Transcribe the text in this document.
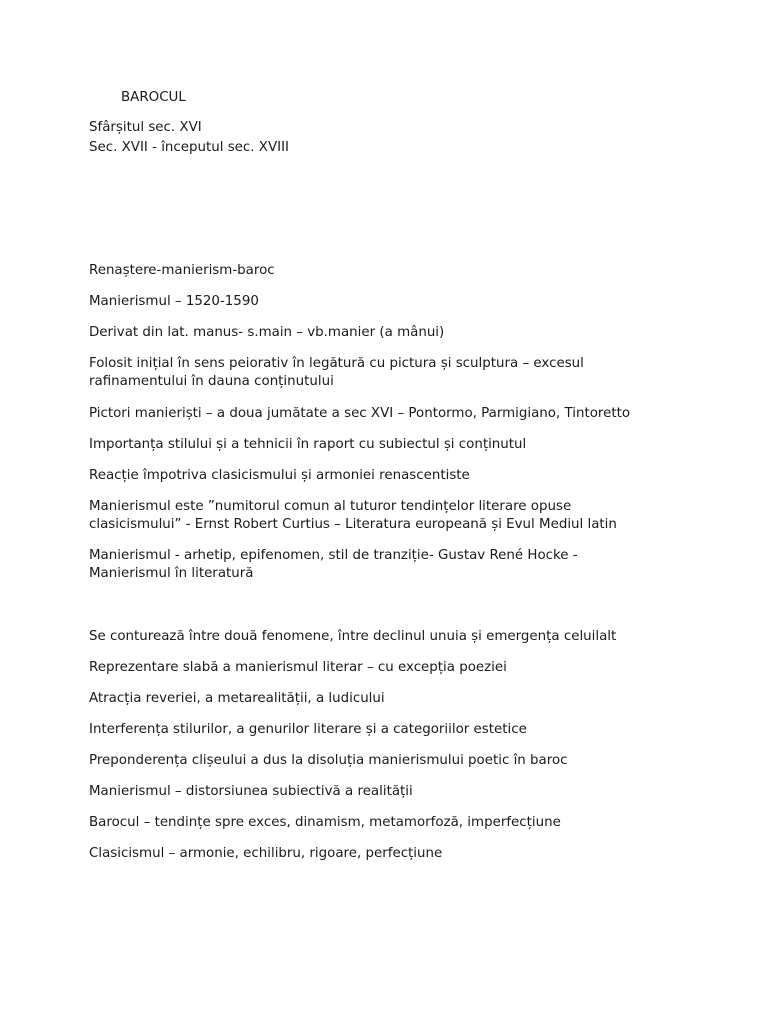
BAROCUL
Sfârșitul sec. XVI
Sec. XVII - începutul sec. XVIII
Renaștere-manierism-baroc
Manierismul – 1520-1590
Derivat din lat. manus- s.main – vb.manier (a mânui)
Folosit inițial în sens peiorativ în legătură cu pictura și sculptura – excesul
rafinamentului în dauna conținutului
Pictori manieriști – a doua jumătate a sec XVI – Pontormo, Parmigiano, Tintoretto
Importanța stilului și a tehnicii în raport cu subiectul și conținutul
Reacție împotriva clasicismului și armoniei renascentiste
Manierismul este ”numitorul comun al tuturor tendințelor literare opuse
clasicismului” - Ernst Robert Curtius – Literatura europeană și Evul Mediul latin
Manierismul - arhetip, epifenomen, stil de tranziție- Gustav René Hocke -
Manierismul în literatură
Se conturează între două fenomene, între declinul unuia și emergența celuilalt
Reprezentare slabă a manierismul literar – cu excepția poeziei
Atracția reveriei, a metarealității, a ludicului
Interferența stilurilor, a genurilor literare și a categoriilor estetice
Preponderența clișeului a dus la disoluția manierismului poetic în baroc
Manierismul – distorsiunea subiectivă a realității
Barocul – tendințe spre exces, dinamism, metamorfoză, imperfecțiune
Clasicismul – armonie, echilibru, rigoare, perfecțiune
